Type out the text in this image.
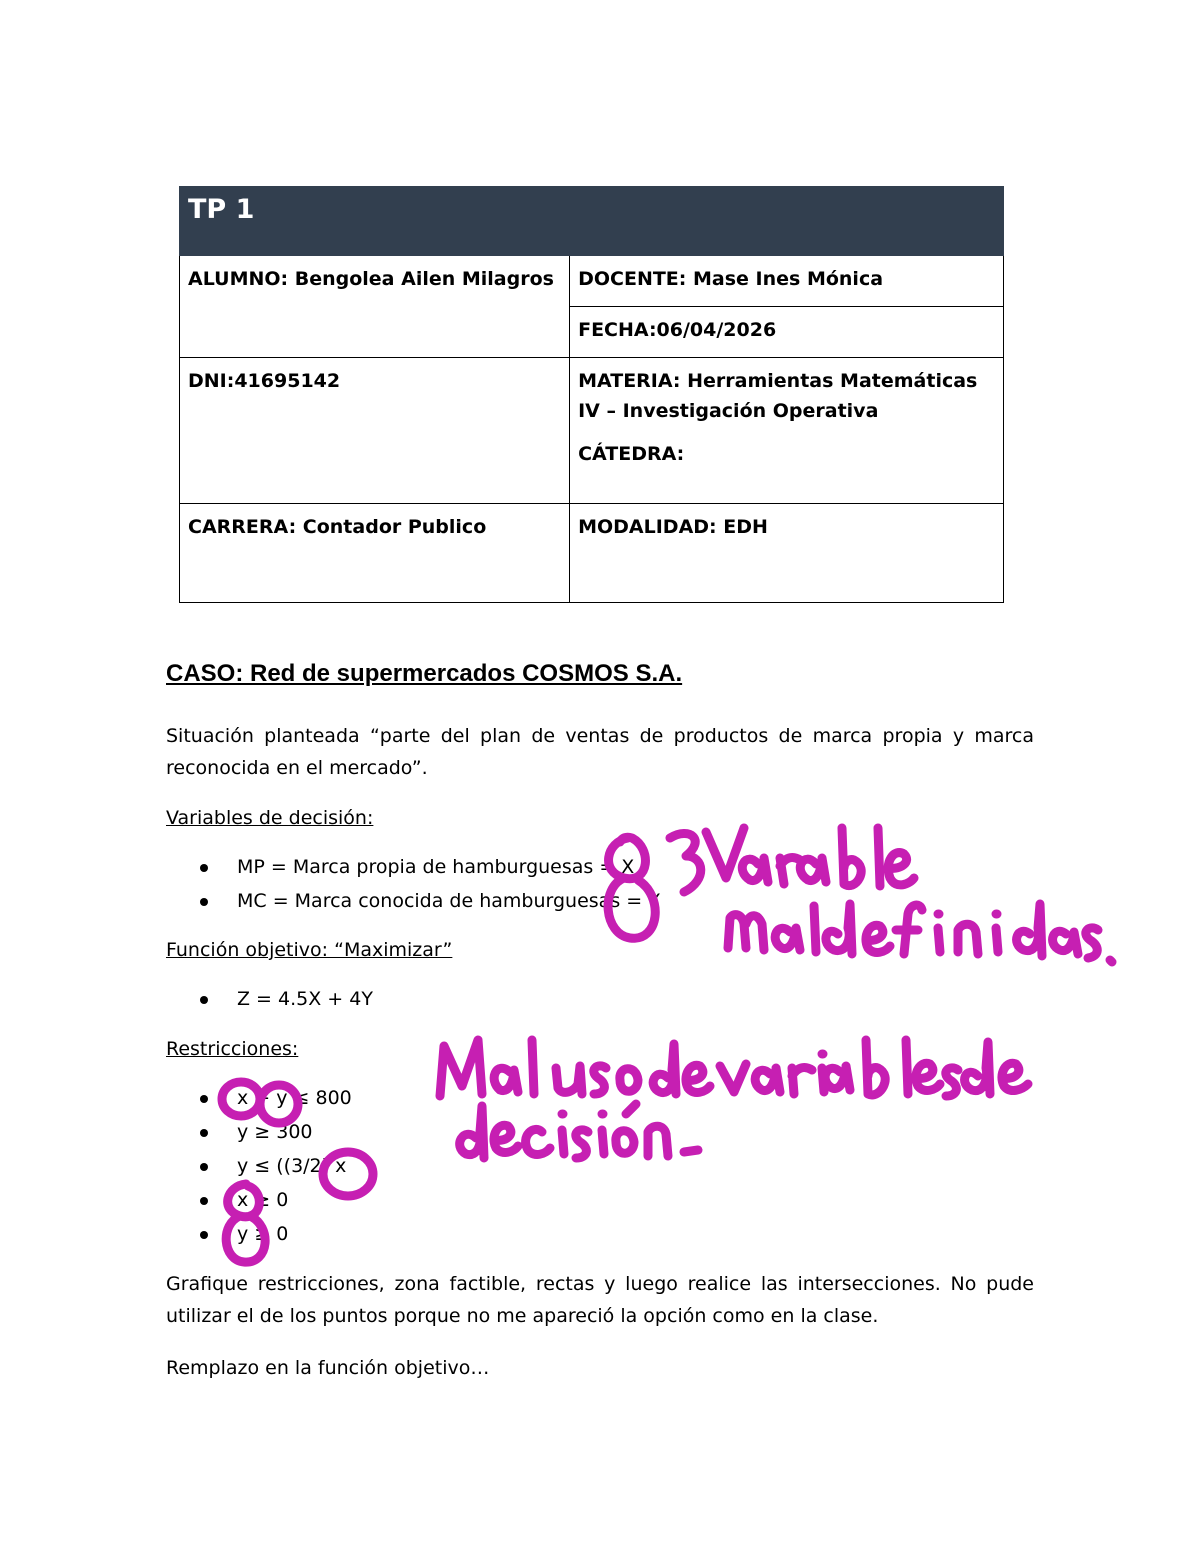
TP 1	

ALUMNO: Bengolea Ailen Milagros	DOCENTE: Mase Ines Mónica

	FECHA:06/04/2026

DNI:41695142	MATERIA: Herramientas Matemáticas IV – Investigación Operativa

CÁTEDRA:

CARRERA: Contador Publico	MODALIDAD: EDH
CASO: Red de supermercados COSMOS S.A.

Situación planteada “parte del plan de ventas de productos de marca propia y marca reconocida en el mercado”.

Variables de decisión:

MP = Marca propia de hamburguesas = X
MC = Marca conocida de hamburguesas = Y

Función objetivo: “Maximizar”

Z = 4.5X + 4Y

Restricciones:

x + y ≤ 800
y ≥ 300
y ≤ ((3/2) x
x ≥ 0
y ≥ 0

Grafique restricciones, zona factible, rectas y luego realice las intersecciones. No pude utilizar el de los puntos porque no me apareció la opción como en la clase.

Remplazo en la función objetivo…
